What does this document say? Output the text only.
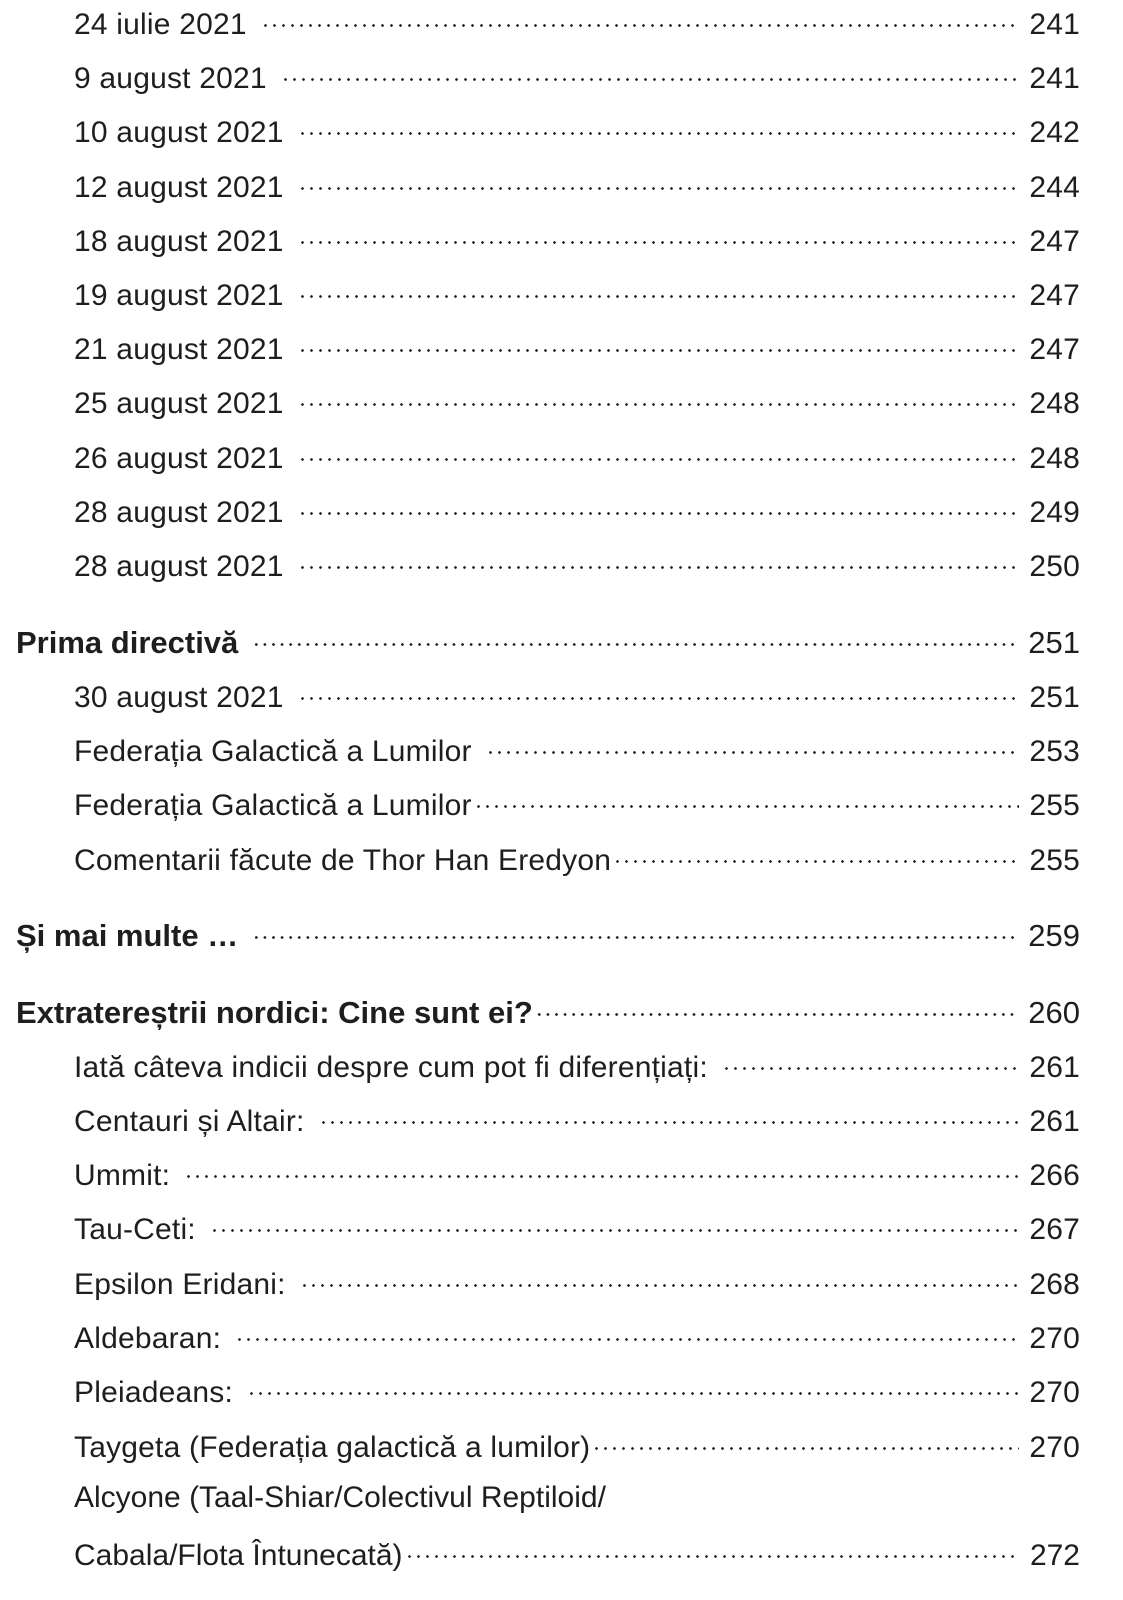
24 iulie 2021	241
9 august 2021	241
10 august 2021	242
12 august 2021	244
18 august 2021	247
19 august 2021	247
21 august 2021	247
25 august 2021	248
26 august 2021	248
28 august 2021	249
28 august 2021	250
Prima directivă	251
30 august 2021	251
Federația Galactică a Lumilor	253
Federația Galactică a Lumilor	255
Comentarii făcute de Thor Han Eredyon	255
Și mai multe …	259
Extratereștrii nordici: Cine sunt ei?	260
Iată câteva indicii despre cum pot fi diferențiați:	261
Centauri și Altair:	261
Ummit:	266
Tau-Ceti:	267
Epsilon Eridani:	268
Aldebaran:	270
Pleiadeans:	270
Taygeta (Federația galactică a lumilor)	270
Alcyone (Taal-Shiar/Colectivul Reptiloid/
Cabala/Flota Întunecată)	272
